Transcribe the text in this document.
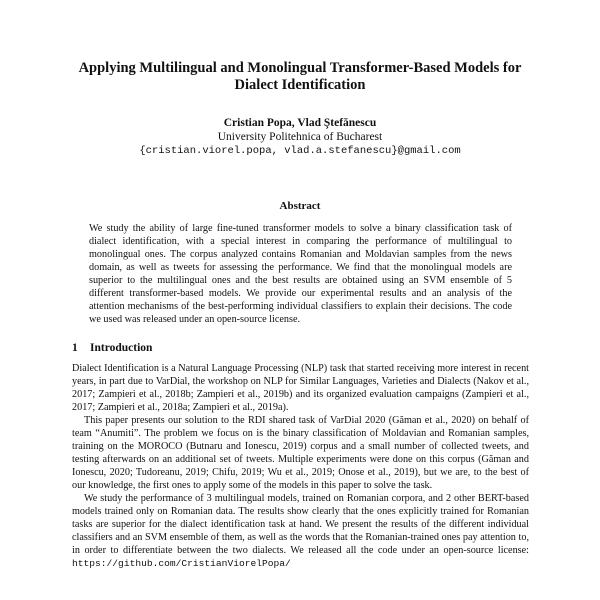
Applying Multilingual and Monolingual Transformer-Based Models for Dialect Identification
Cristian Popa, Vlad Ştefănescu
University Politehnica of Bucharest
{cristian.viorel.popa, vlad.a.stefanescu}@gmail.com
Abstract
We study the ability of large fine-tuned transformer models to solve a binary classification task of dialect identification, with a special interest in comparing the performance of multilingual to monolingual ones. The corpus analyzed contains Romanian and Moldavian samples from the news domain, as well as tweets for assessing the performance. We find that the monolingual models are superior to the multilingual ones and the best results are obtained using an SVM ensemble of 5 different transformer-based models. We provide our experimental results and an analysis of the attention mechanisms of the best-performing individual classifiers to explain their decisions. The code we used was released under an open-source license.
1 Introduction

Dialect Identification is a Natural Language Processing (NLP) task that started receiving more interest in recent years, in part due to VarDial, the workshop on NLP for Similar Languages, Varieties and Dialects (Nakov et al., 2017; Zampieri et al., 2018b; Zampieri et al., 2019b) and its organized evaluation campaigns (Zampieri et al., 2017; Zampieri et al., 2018a; Zampieri et al., 2019a).

This paper presents our solution to the RDI shared task of VarDial 2020 (Găman et al., 2020) on behalf of team “Anumiti”. The problem we focus on is the binary classification of Moldavian and Romanian samples, training on the MOROCO (Butnaru and Ionescu, 2019) corpus and a small number of collected tweets, and testing afterwards on an additional set of tweets. Multiple experiments were done on this corpus (Găman and Ionescu, 2020; Tudoreanu, 2019; Chifu, 2019; Wu et al., 2019; Onose et al., 2019), but we are, to the best of our knowledge, the first ones to apply some of the models in this paper to solve the task.

We study the performance of 3 multilingual models, trained on Romanian corpora, and 2 other BERT-based models trained only on Romanian data. The results show clearly that the ones explicitly trained for Romanian tasks are superior for the dialect identification task at hand. We present the results of the different individual classifiers and an SVM ensemble of them, as well as the words that the Romanian-trained ones pay attention to, in order to differentiate between the two dialects. We released all the code under an open-source license: https://github.com/CristianViorelPopa/
